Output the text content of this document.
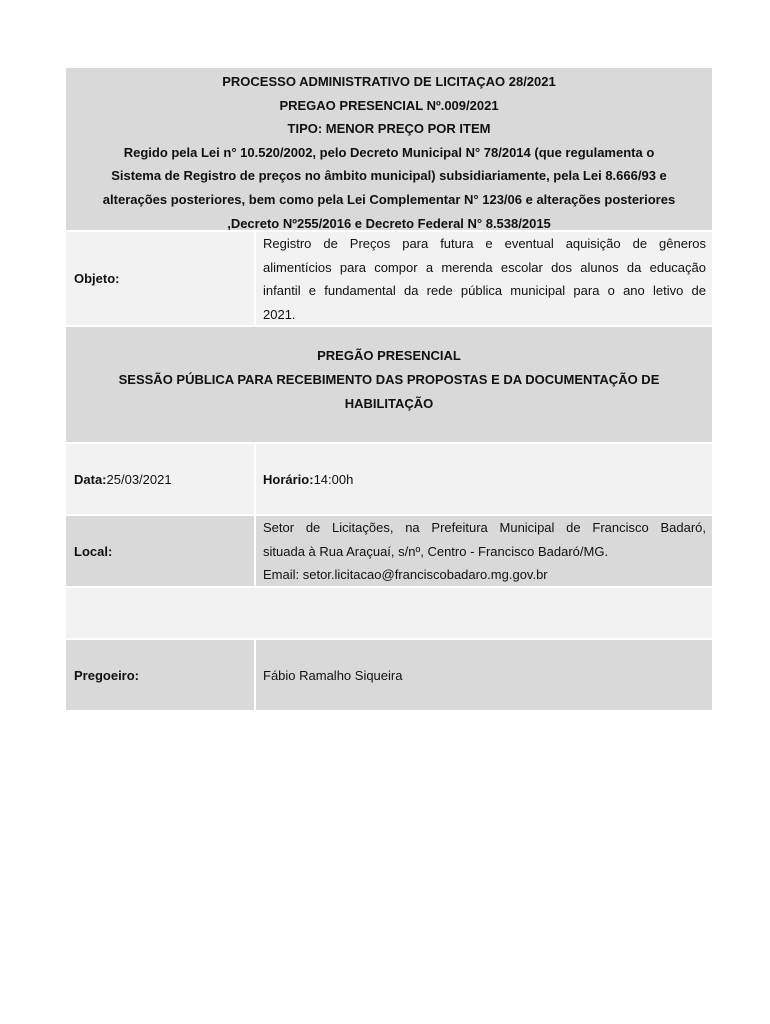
PROCESSO ADMINISTRATIVO DE LICITAÇAO 28/2021
PREGAO PRESENCIAL Nº.009/2021
TIPO: MENOR PREÇO POR ITEM
Regido pela Lei n° 10.520/2002, pelo Decreto Municipal N° 78/2014 (que regulamenta o
Sistema de Registro de preços no âmbito municipal) subsidiariamente, pela Lei 8.666/93 e
alterações posteriores, bem como pela Lei Complementar N° 123/06 e alterações posteriores
,Decreto Nº255/2016 e Decreto Federal N° 8.538/2015
Objeto:
Registro de Preços para futura e eventual aquisição de gêneros
alimentícios para compor a merenda escolar dos alunos da educação
infantil e fundamental da rede pública municipal para o ano letivo de
2021.
PREGÃO PRESENCIAL
SESSÃO PÚBLICA PARA RECEBIMENTO DAS PROPOSTAS E DA DOCUMENTAÇÃO DE
HABILITAÇÃO
Data: 25/03/2021	Horário: 14:00h
Local:
Setor de Licitações, na Prefeitura Municipal de Francisco Badaró,
situada à Rua Araçuaí, s/nº, Centro - Francisco Badaró/MG.
Email: setor.licitacao@franciscobadaro.mg.gov.br
Pregoeiro:	Fábio Ramalho Siqueira
